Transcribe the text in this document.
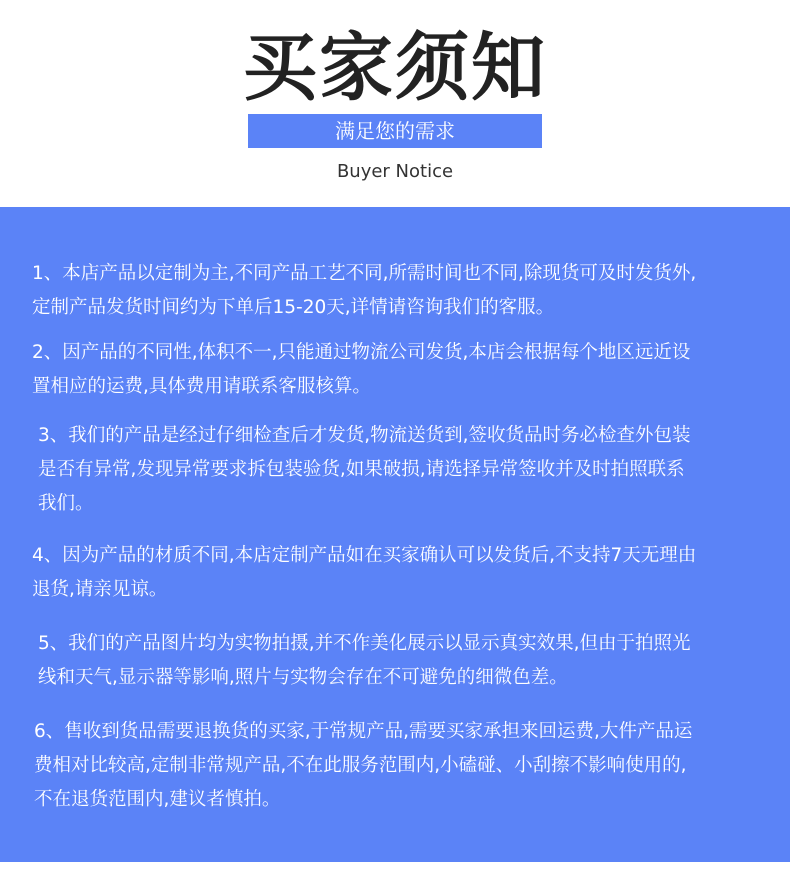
买家须知
满足您的需求
Buyer Notice
1、本店产品以定制为主,不同产品工艺不同,所需时间也不同,除现货可及时发货外,
定制产品发货时间约为下单后15-20天,详情请咨询我们的客服。
2、因产品的不同性,体积不一,只能通过物流公司发货,本店会根据每个地区远近设
置相应的运费,具体费用请联系客服核算。
3、我们的产品是经过仔细检查后才发货,物流送货到,签收货品时务必检查外包装
是否有异常,发现异常要求拆包装验货,如果破损,请选择异常签收并及时拍照联系
我们。
4、因为产品的材质不同,本店定制产品如在买家确认可以发货后,不支持7天无理由
退货,请亲见谅。
5、我们的产品图片均为实物拍摄,并不作美化展示以显示真实效果,但由于拍照光
线和天气,显示器等影响,照片与实物会存在不可避免的细微色差。
6、售收到货品需要退换货的买家,于常规产品,需要买家承担来回运费,大件产品运
费相对比较高,定制非常规产品,不在此服务范围内,小磕碰、小刮擦不影响使用的,
不在退货范围内,建议者慎拍。
